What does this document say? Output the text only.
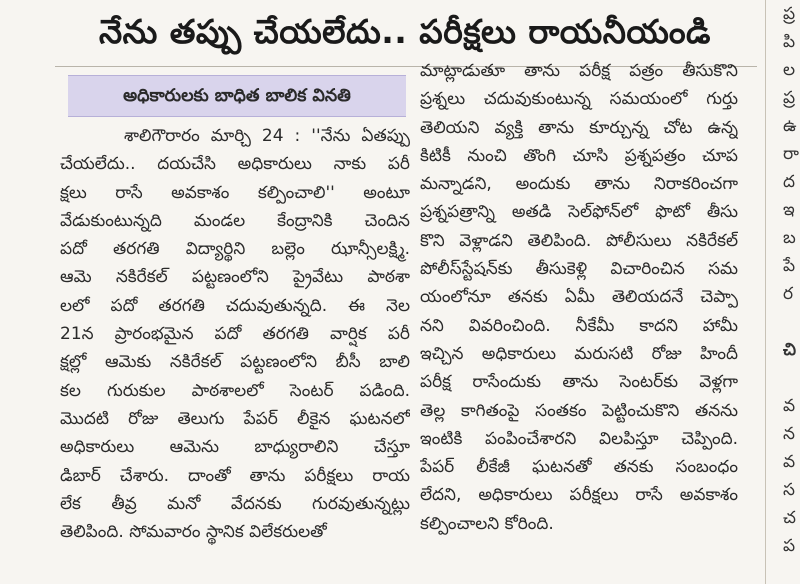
నేను తప్పు చేయలేదు.. పరీక్షలు రాయనీయండి
అధికారులకు బాధిత బాలిక వినతి
శాలిగౌరారం మార్చి 24 : ''నేను ఏతప్పు
చేయలేదు.. దయచేసి అధికారులు నాకు పరీ
క్షలు రాసే అవకాశం కల్పించాలి'' అంటూ
వేడుకుంటున్నది మండల కేంద్రానికి చెందిన
పదో తరగతి విద్యార్థిని బల్లెం ఝాన్సీలక్ష్మి.
ఆమె నకిరేకల్ పట్టణంలోని ప్రైవేటు పాఠశా
లలో పదో తరగతి చదువుతున్నది. ఈ నెల
21న ప్రారంభమైన పదో తరగతి వార్షిక పరీ
క్షల్లో ఆమెకు నకిరేకల్ పట్టణంలోని బీసీ బాలి
కల గురుకుల పాఠశాలలో సెంటర్ పడింది.
మొదటి రోజు తెలుగు పేపర్ లీకైన ఘటనలో
అధికారులు ఆమెను బాధ్యురాలిని చేస్తూ
డిబార్ చేశారు. దాంతో తాను పరీక్షలు రాయ
లేక తీవ్ర మనో వేదనకు గురవుతున్నట్లు
తెలిపింది. సోమవారం స్థానిక విలేకరులతో
మాట్లాడుతూ తాను పరీక్ష పత్రం తీసుకొని
ప్రశ్నలు చదువుకుంటున్న సమయంలో గుర్తు
తెలియని వ్యక్తి తాను కూర్చున్న చోట ఉన్న
కిటికీ నుంచి తొంగి చూసి ప్రశ్నపత్రం చూప
మన్నాడని, అందుకు తాను నిరాకరించగా
ప్రశ్నపత్రాన్ని అతడి సెల్‌ఫోన్‌లో ఫొటో తీసు
కొని వెళ్లాడని తెలిపింది. పోలీసులు నకిరేకల్
పోలీస్‌స్టేషన్‌కు తీసుకెళ్లి విచారించిన సమ
యంలోనూ తనకు ఏమీ తెలియదనే చెప్పా
నని వివరించింది. నీకేమీ కాదని హామీ
ఇచ్చిన అధికారులు మరుసటి రోజు హిందీ
పరీక్ష రాసేందుకు తాను సెంటర్‌కు వెళ్లగా
తెల్ల కాగితంపై సంతకం పెట్టించుకొని తనను
ఇంటికి పంపించేశారని విలపిస్తూ చెప్పింది.
పేపర్ లీకేజీ ఘటనతో తనకు సంబంధం
లేదని, అధికారులు పరీక్షలు రాసే అవకాశం
కల్పించాలని కోరింది.
ప్ర
పి
ల
ప్ర
ఉ
రా
ద
ఇ
బ
పే
ర
చి
వ
న
వ
స
చ
ప
